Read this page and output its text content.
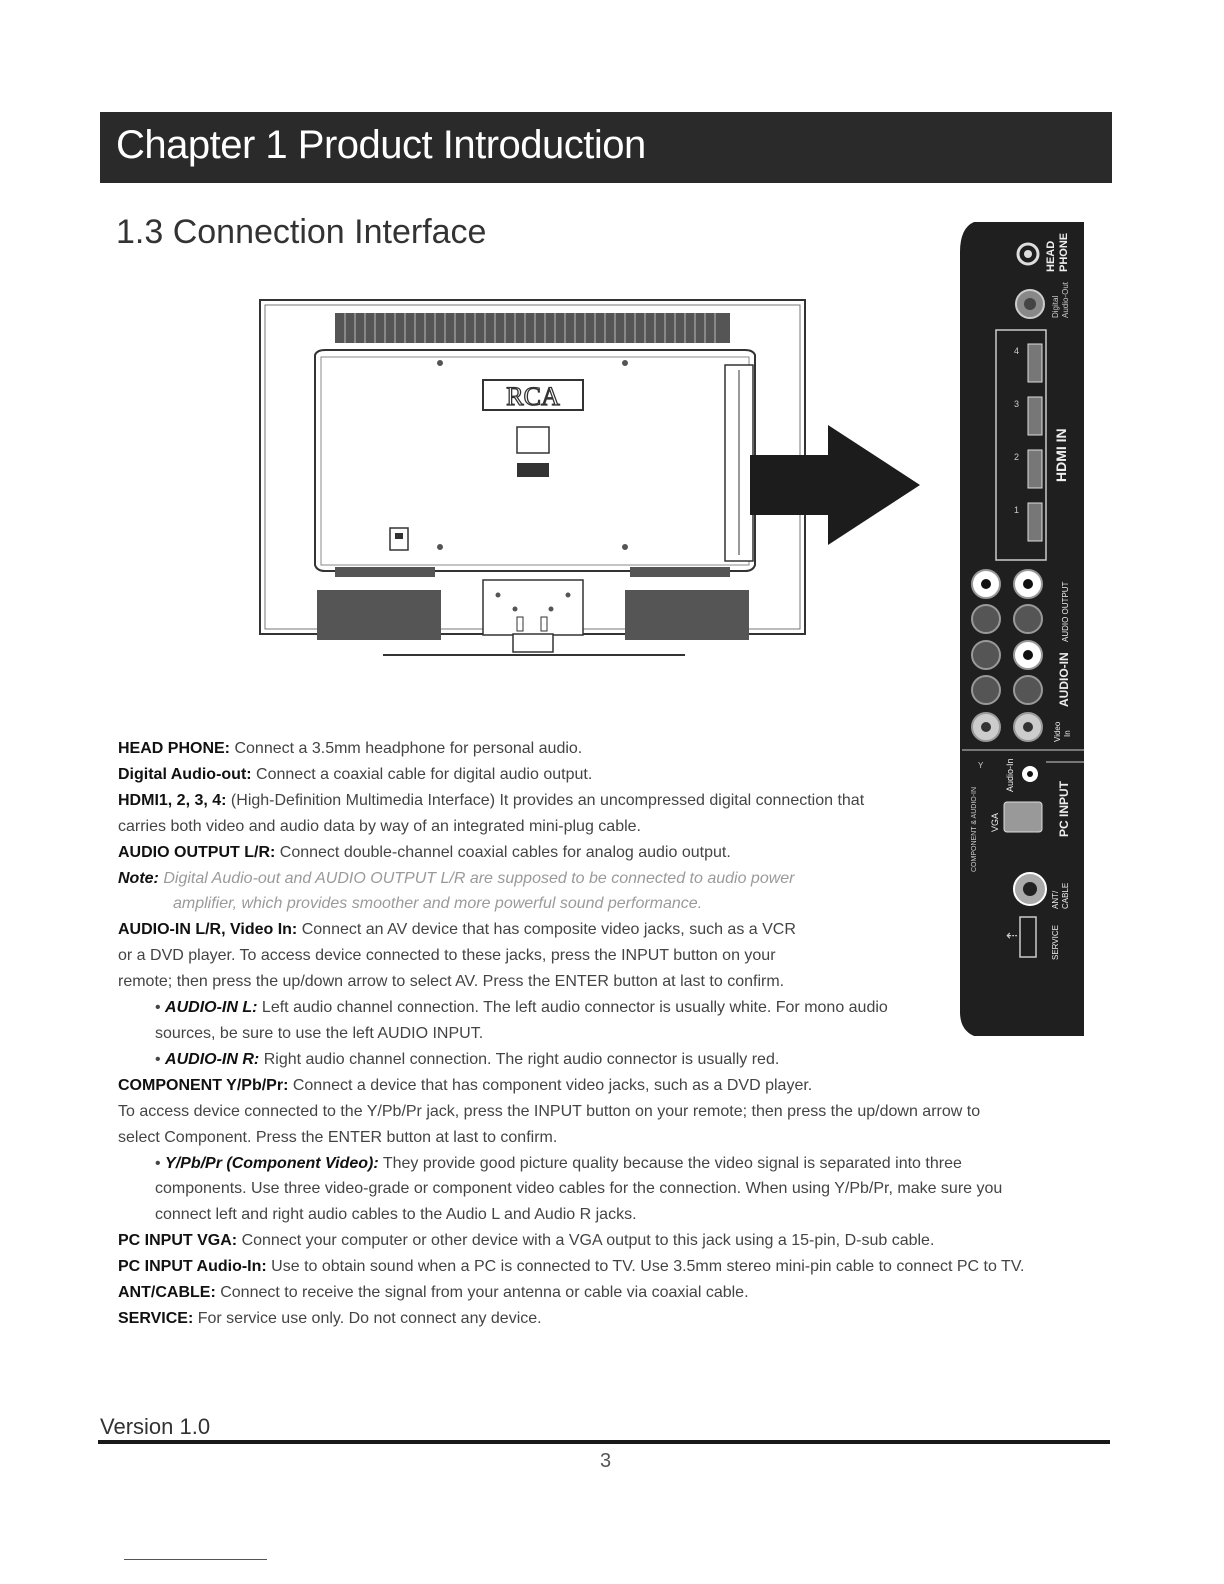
Chapter 1 Product Introduction
1.3 Connection Interface
RCA
HEAD PHONE
Digital Audio-Out
4
3
2
1
HDMI IN
AUDIO OUTPUT
AUDIO-IN
Video In
Y
COMPONENT & AUDIO-IN
Audio-In
VGA	PC INPUT
ANT/ CABLE
SERVICE
⇠

HEAD PHONE: Connect a 3.5mm headphone for personal audio.

Digital Audio-out: Connect a coaxial cable for digital audio output.

HDMI1, 2, 3, 4: (High-Definition Multimedia Interface) It provides an uncompressed digital connection that

carries both video and audio data by way of an integrated mini-plug cable.

AUDIO OUTPUT L/R: Connect double-channel coaxial cables for analog audio output.

Note: Digital Audio-out and AUDIO OUTPUT L/R are supposed to be connected to audio power

amplifier, which provides smoother and more powerful sound performance.

AUDIO-IN L/R, Video In: Connect an AV device that has composite video jacks, such as a VCR

or a DVD player. To access device connected to these jacks, press the INPUT button on your

remote; then press the up/down arrow to select AV. Press the ENTER button at last to confirm.

• AUDIO-IN L: Left audio channel connection. The left audio connector is usually white. For mono audio

sources, be sure to use the left AUDIO INPUT.

• AUDIO-IN R: Right audio channel connection. The right audio connector is usually red.

COMPONENT Y/Pb/Pr: Connect a device that has component video jacks, such as a DVD player.

To access device connected to the Y/Pb/Pr jack, press the INPUT button on your remote; then press the up/down arrow to

select Component. Press the ENTER button at last to confirm.

• Y/Pb/Pr (Component Video): They provide good picture quality because the video signal is separated into three

components. Use three video-grade or component video cables for the connection. When using Y/Pb/Pr, make sure you

connect left and right audio cables to the Audio L and Audio R jacks.

PC INPUT VGA: Connect your computer or other device with a VGA output to this jack using a 15-pin, D-sub cable.

PC INPUT Audio-In: Use to obtain sound when a PC is connected to TV. Use 3.5mm stereo mini-pin cable to connect PC to TV.

ANT/CABLE: Connect to receive the signal from your antenna or cable via coaxial cable.

SERVICE: For service use only. Do not connect any device.

Version 1.0
3
